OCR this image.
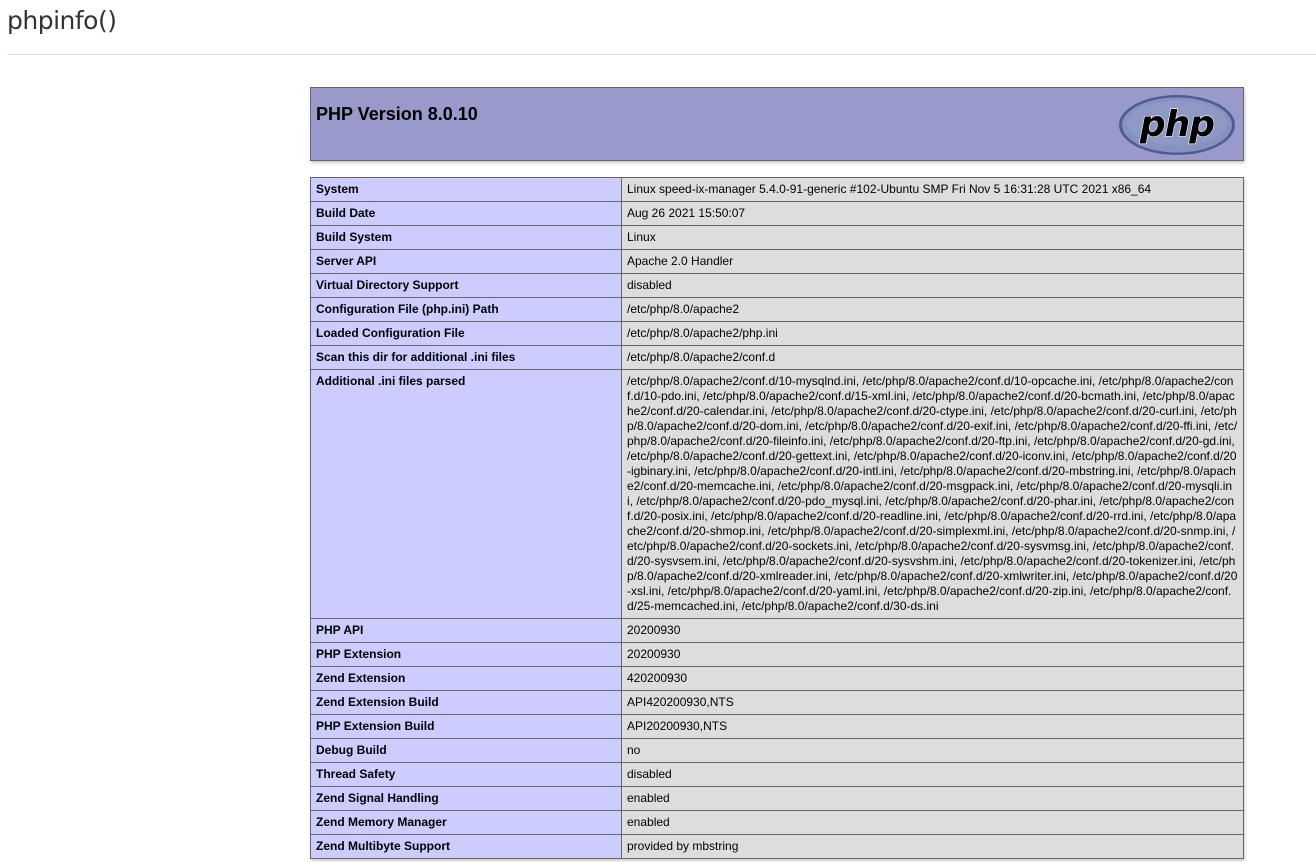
phpinfo()
PHP Version 8.0.10	php
System	Linux speed-ix-manager 5.4.0-91-generic #102-Ubuntu SMP Fri Nov 5 16:31:28 UTC 2021 x86_64
Build Date	Aug 26 2021 15:50:07
Build System	Linux
Server API	Apache 2.0 Handler
Virtual Directory Support	disabled
Configuration File (php.ini) Path	/etc/php/8.0/apache2
Loaded Configuration File	/etc/php/8.0/apache2/php.ini
Scan this dir for additional .ini files	/etc/php/8.0/apache2/conf.d
Additional .ini files parsed	/etc/php/8.0/apache2/conf.d/10-mysqlnd.ini, /etc/php/8.0/apache2/conf.d/10-opcache.ini, /etc/php/8.0/apache2/conf.d/10-pdo.ini, /etc/php/8.0/apache2/conf.d/15-xml.ini, /etc/php/8.0/apache2/conf.d/20-bcmath.ini, /etc/php/8.0/apache2/conf.d/20-calendar.ini, /etc/php/8.0/apache2/conf.d/20-ctype.ini, /etc/php/8.0/apache2/conf.d/20-curl.ini, /etc/php/8.0/apache2/conf.d/20-dom.ini, /etc/php/8.0/apache2/conf.d/20-exif.ini, /etc/php/8.0/apache2/conf.d/20-ffi.ini, /etc/php/8.0/apache2/conf.d/20-fileinfo.ini, /etc/php/8.0/apache2/conf.d/20-ftp.ini, /etc/php/8.0/apache2/conf.d/20-gd.ini, /etc/php/8.0/apache2/conf.d/20-gettext.ini, /etc/php/8.0/apache2/conf.d/20-iconv.ini, /etc/php/8.0/apache2/conf.d/20-igbinary.ini, /etc/php/8.0/apache2/conf.d/20-intl.ini, /etc/php/8.0/apache2/conf.d/20-mbstring.ini, /etc/php/8.0/apache2/conf.d/20-memcache.ini, /etc/php/8.0/apache2/conf.d/20-msgpack.ini, /etc/php/8.0/apache2/conf.d/20-mysqli.ini, /etc/php/8.0/apache2/conf.d/20-pdo_mysql.ini, /etc/php/8.0/apache2/conf.d/20-phar.ini, /etc/php/8.0/apache2/conf.d/20-posix.ini, /etc/php/8.0/apache2/conf.d/20-readline.ini, /etc/php/8.0/apache2/conf.d/20-rrd.ini, /etc/php/8.0/apache2/conf.d/20-shmop.ini, /etc/php/8.0/apache2/conf.d/20-simplexml.ini, /etc/php/8.0/apache2/conf.d/20-snmp.ini, /etc/php/8.0/apache2/conf.d/20-sockets.ini, /etc/php/8.0/apache2/conf.d/20-sysvmsg.ini, /etc/php/8.0/apache2/conf.d/20-sysvsem.ini, /etc/php/8.0/apache2/conf.d/20-sysvshm.ini, /etc/php/8.0/apache2/conf.d/20-tokenizer.ini, /etc/php/8.0/apache2/conf.d/20-xmlreader.ini, /etc/php/8.0/apache2/conf.d/20-xmlwriter.ini, /etc/php/8.0/apache2/conf.d/20-xsl.ini, /etc/php/8.0/apache2/conf.d/20-yaml.ini, /etc/php/8.0/apache2/conf.d/20-zip.ini, /etc/php/8.0/apache2/conf.d/25-memcached.ini, /etc/php/8.0/apache2/conf.d/30-ds.ini
PHP API	20200930
PHP Extension	20200930
Zend Extension	420200930
Zend Extension Build	API420200930,NTS
PHP Extension Build	API20200930,NTS
Debug Build	no
Thread Safety	disabled
Zend Signal Handling	enabled
Zend Memory Manager	enabled
Zend Multibyte Support	provided by mbstring
